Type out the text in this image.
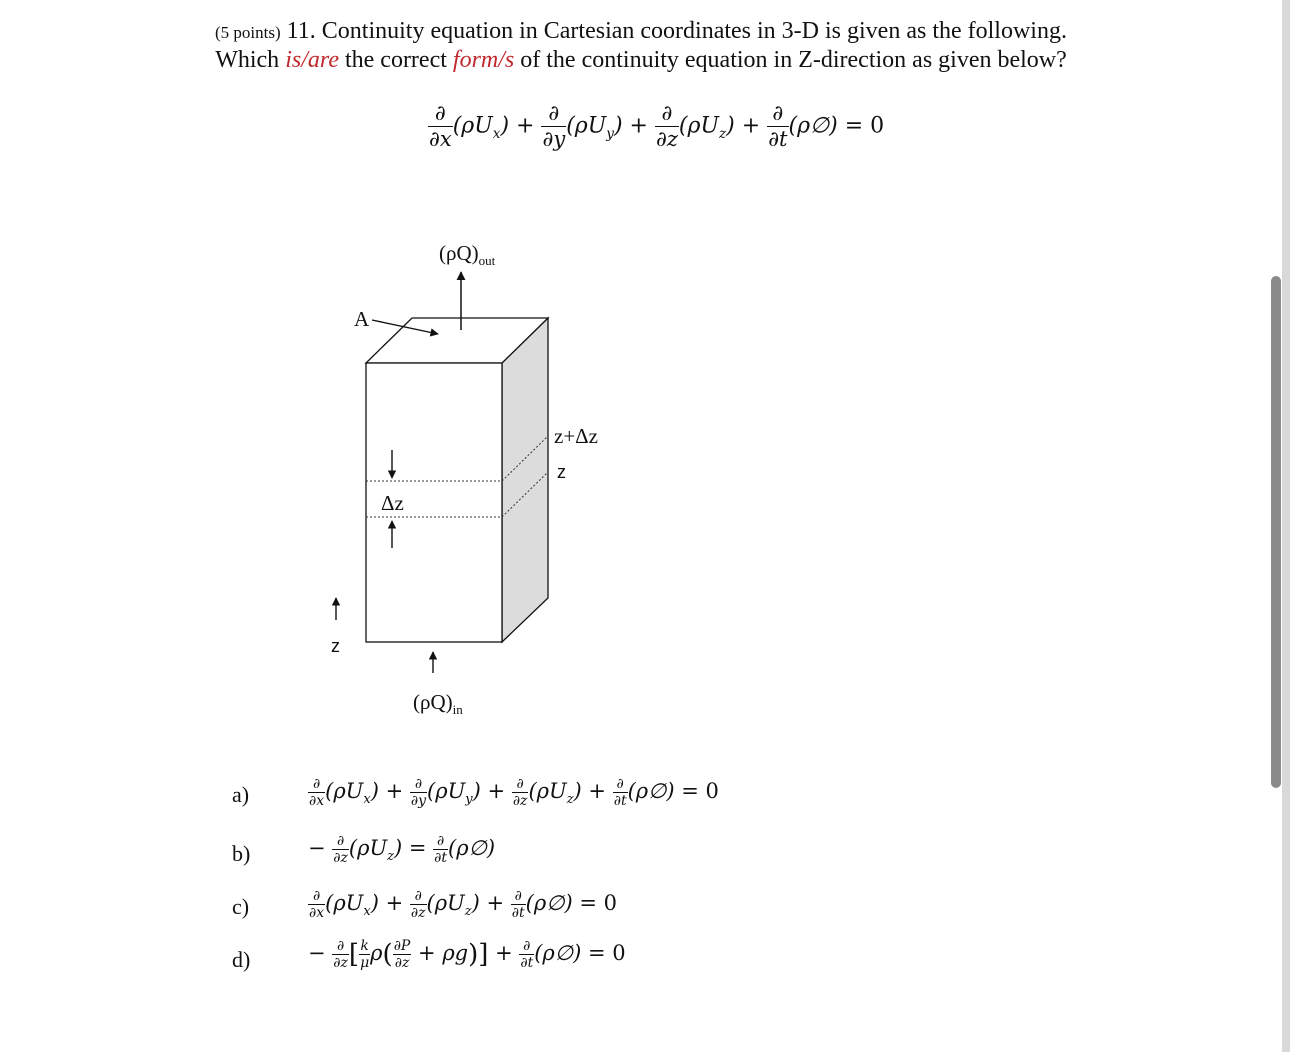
(5 points) 11. Continuity equation in Cartesian coordinates in 3-D is given as the following.
Which is/are the correct form/s of the continuity equation in Z-direction as given below?
$\frac{\partial}{\partial x} (\rho U_x) + \frac{\partial}{\partial y} (\rho U_y) + \frac{\partial}{\partial z} (\rho U_z) + \frac{\partial}{\partial t}$ (ρ∅) = 0
$(\rho Q)_{out}$
A
z+Δz
z
Δz
z
$(\rho Q)_{in}$
a)	$\frac{\partial}{\partial x} (\rho U_x) + \frac{\partial}{\partial y} (\rho U_y) + \frac{\partial}{\partial z} (\rho U_z) + \frac{\partial}{\partial t}$ (ρ∅) = 0
b)	− $\frac{\partial}{\partial z} (\rho U_z) = \frac{\partial}{\partial t}$ (ρ∅)
c)	$\frac{\partial}{\partial x} (\rho U_x) + \frac{\partial}{\partial z} (\rho U_z) + \frac{\partial}{\partial t}$ (ρ∅) = 0
d)	− $\frac{\partial}{\partial z}$ [ $\frac{k}{\mu} \rho( \frac{\partial P}{\partial z} + \rho g)] + \frac{\partial}{\partial t}$ (ρ∅) = 0
